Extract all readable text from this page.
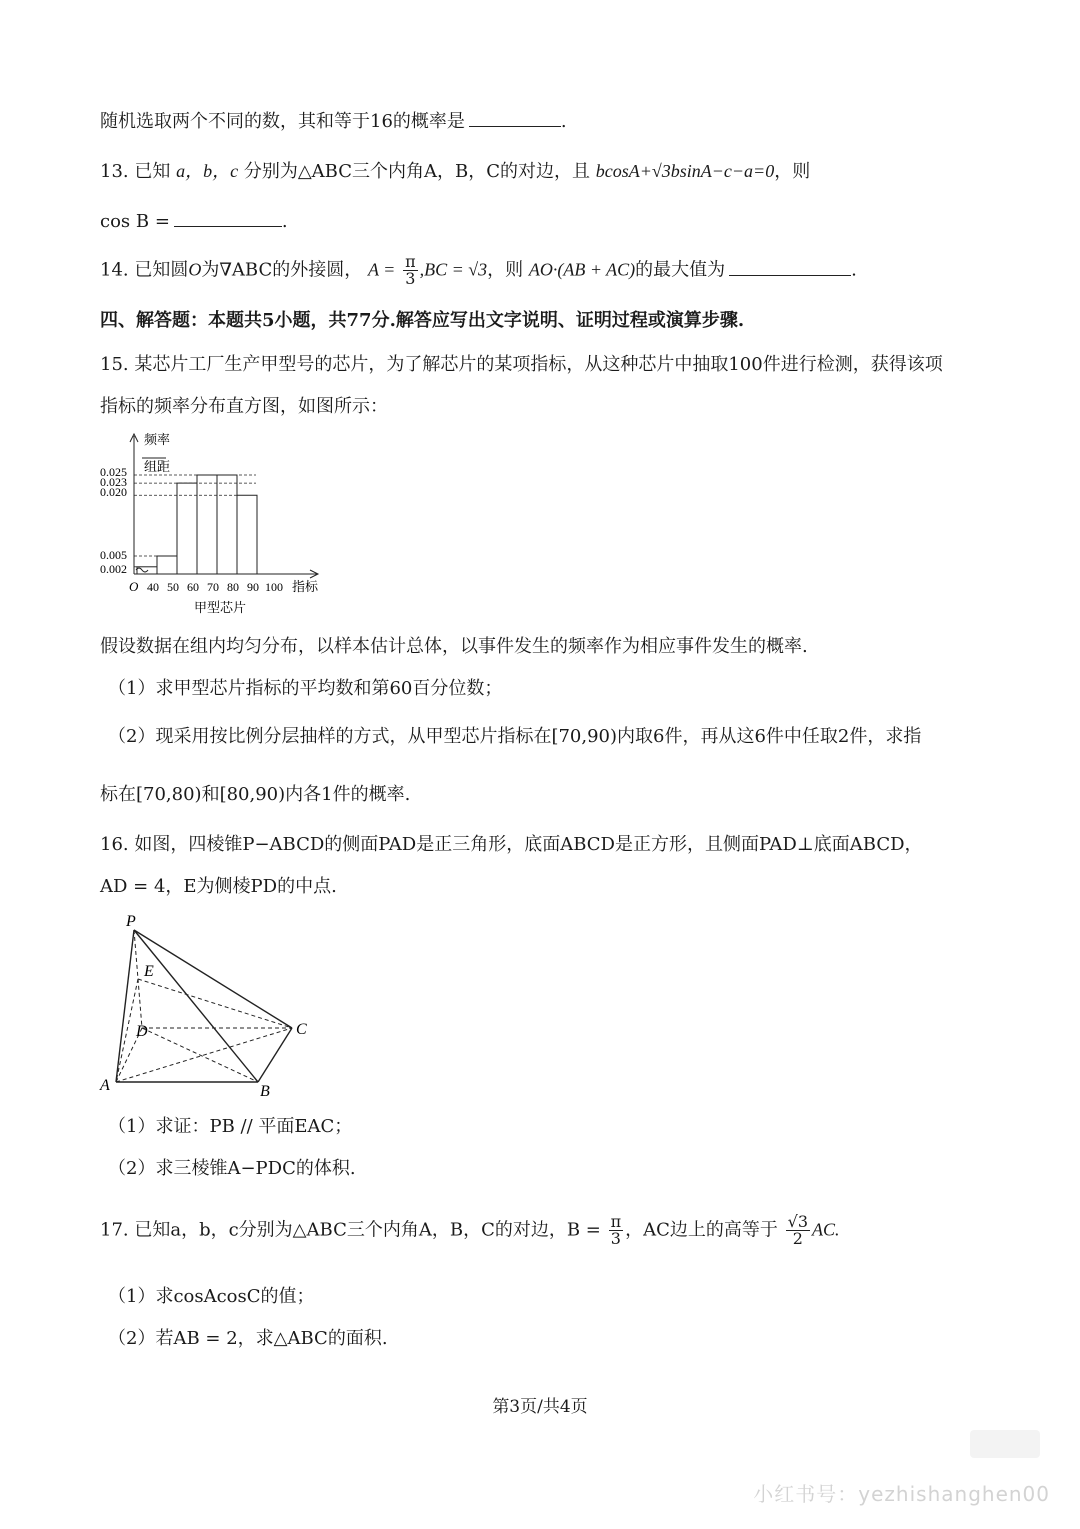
随机选取两个不同的数，其和等于16的概率是	.
13. 已知 a，b，c 分别为△ABC三个内角A，B，C的对边，且 bcosA+√3bsinA−c−a=0，则
cos B =	.
14. 已知圆O为∇ABC的外接圆， $A = \frac{\pi}{3} ,BC = √3$，则 AO·(AB + AC)的最大值为	.
四、解答题：本题共5小题，共77分.解答应写出文字说明、证明过程或演算步骤.
15. 某芯片工厂生产甲型号的芯片，为了解芯片的某项指标，从这种芯片中抽取100件进行检测，获得该项
指标的频率分布直方图，如图所示：
频率
组距
0.025
0.023
0.020
0.005
0.002
O 40 50 60 70 80 90 100 指标
甲型芯片
假设数据在组内均匀分布，以样本估计总体，以事件发生的频率作为相应事件发生的概率.
（1）求甲型芯片指标的平均数和第60百分位数；
（2）现采用按比例分层抽样的方式，从甲型芯片指标在[70,90)内取6件，再从这6件中任取2件，求指
标在[70,80)和[80,90)内各1件的概率.
16. 如图，四棱锥P−ABCD的侧面PAD是正三角形，底面ABCD是正方形，且侧面PAD⊥底面ABCD，
AD = 4，E为侧棱PD的中点.
P
E
D	C
A	B
（1）求证：PB // 平面EAC；
（2）求三棱锥A−PDC的体积.
17. 已知a，b，c分别为△ABC三个内角A，B，C的对边，$B = \frac{\pi}{3}$ ，AC边上的高等于 $\frac{√3}{2}$ AC.
（1）求cosAcosC的值；
（2）若AB = 2，求△ABC的面积.
第3页/共4页
小红书号：yezhishanghen00
